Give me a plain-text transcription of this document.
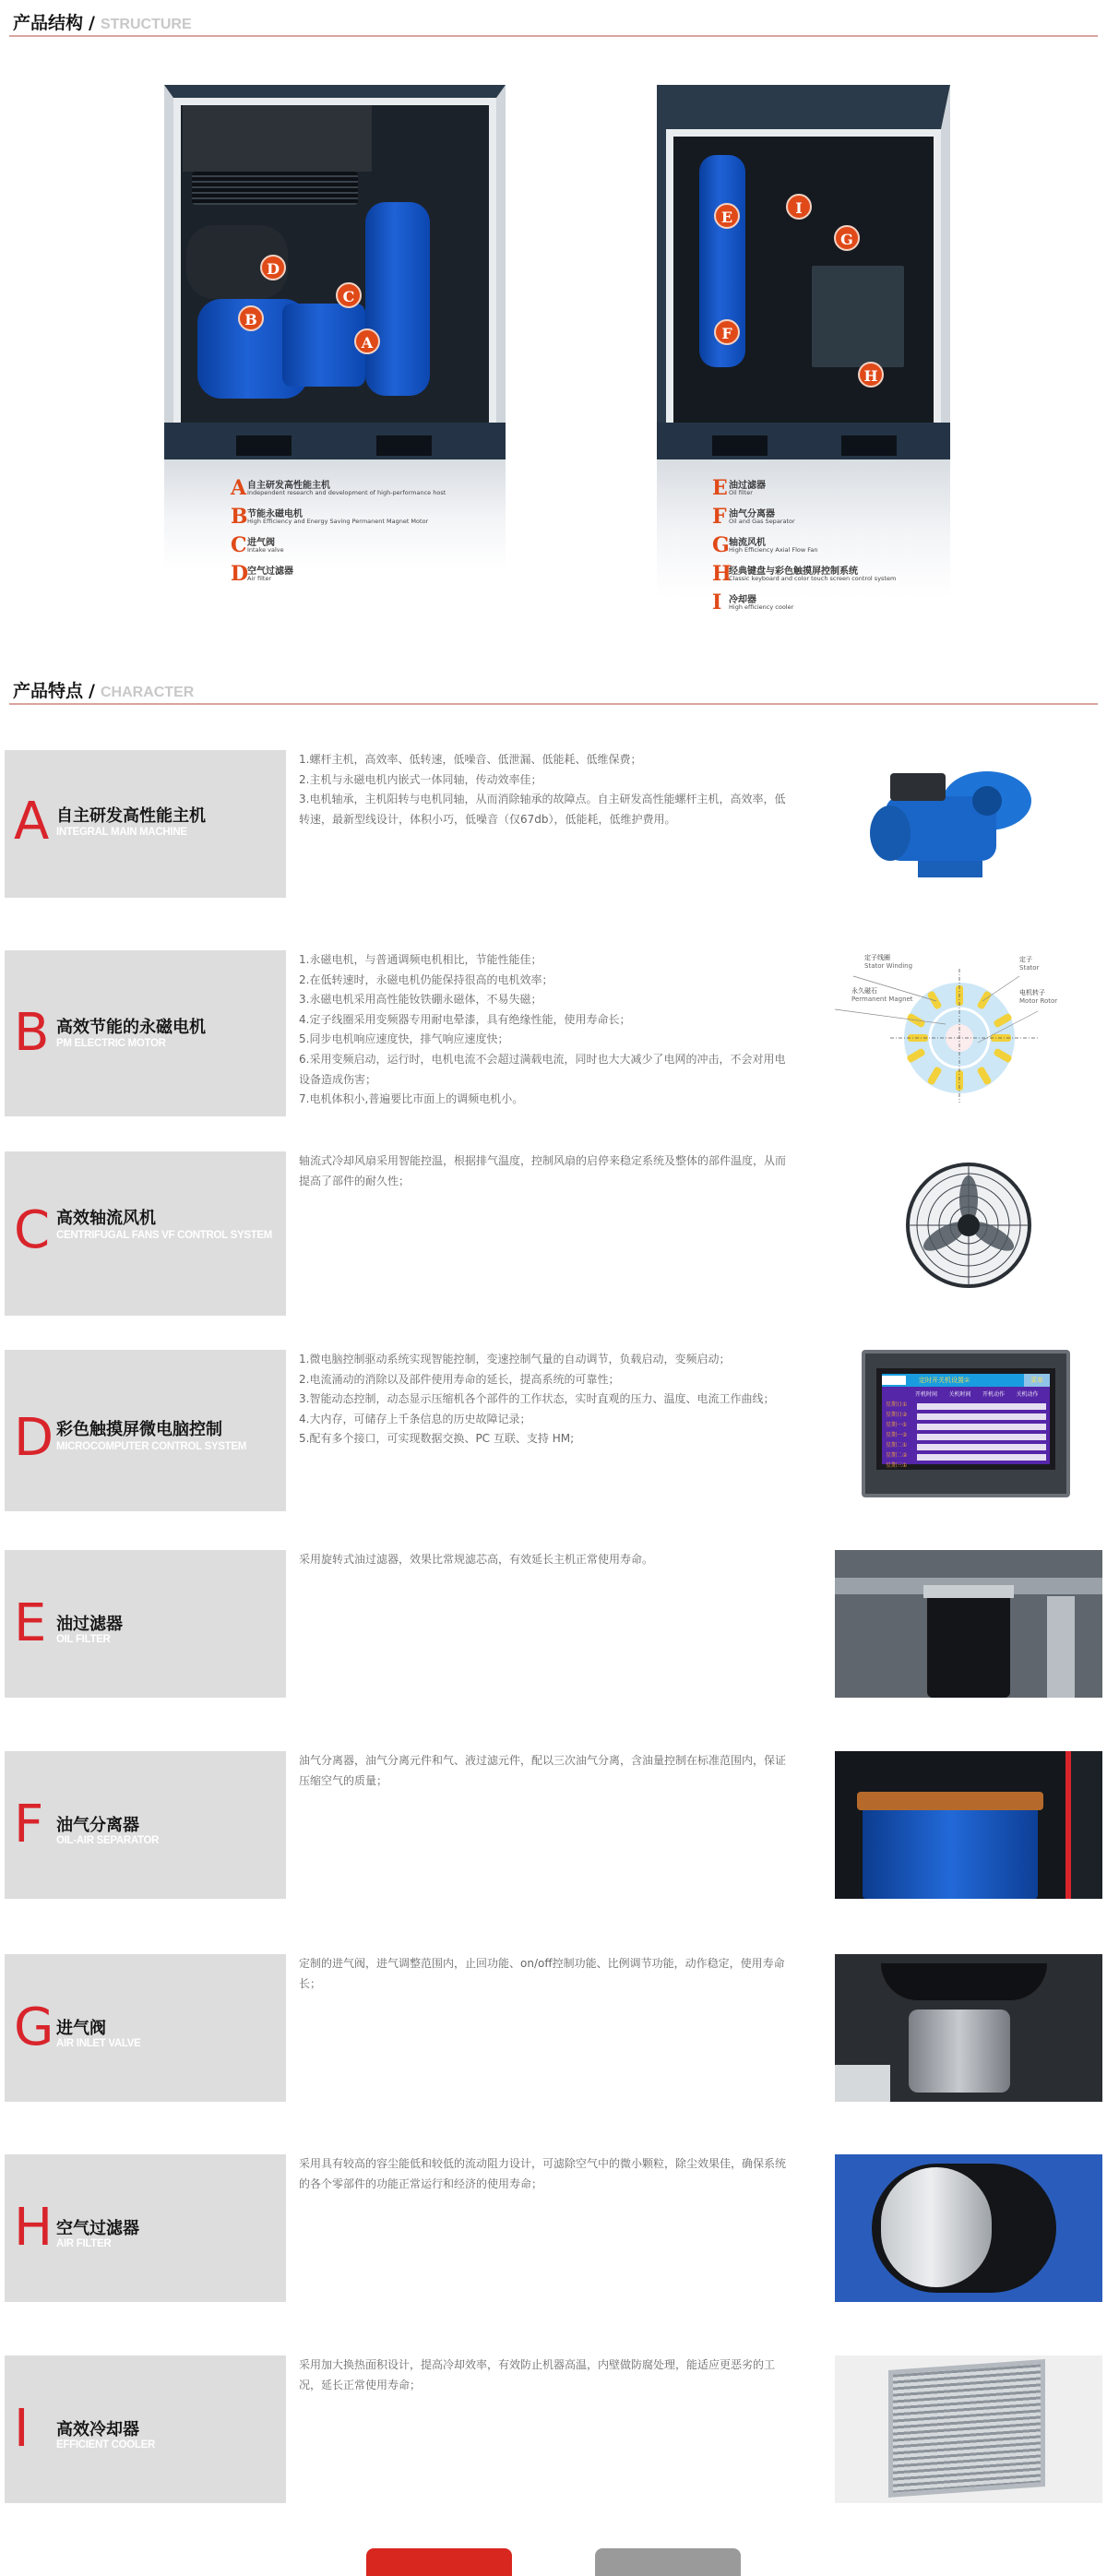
产品结构 / STRUCTURE
D
C
B
A
A 自主研发高性能主机
Independent research and development of high-performance host
B 节能永磁电机
High Efficiency and Energy Saving Permanent Magnet Motor
C 进气阀
Intake valve
D
空气过滤器
Air filter
E
I
G
F
H
E 油过滤器
Oil filter
F 油气分离器
Oil and Gas Separator
G 轴流风机
High Efficiency Axial Flow Fan
H
经典键盘与彩色触摸屏控制系统
Classic keyboard and color touch screen control system
I 冷却器
High efficiency cooler
产品特点 / CHARACTER
A 自主研发高性能主机
INTEGRAL MAIN MACHINE

1.螺杆主机，高效率、低转速，低噪音、低泄漏、低能耗、低维保费；

2.主机与永磁电机内嵌式一体同轴，传动效率佳；

3.电机轴承，主机阳转与电机同轴，从而消除轴承的故障点。自主研发高性能螺杆主机，高效率，低转速，最新型线设计，体积小巧，低噪音（仅67db），低能耗，低维护费用。

B 高效节能的永磁电机
PM ELECTRIC MOTOR

1.永磁电机，与普通调频电机相比，节能性能佳；

2.在低转速时，永磁电机仍能保持很高的电机效率；

3.永磁电机采用高性能钕铁硼永磁体，不易失磁；

4.定子线圈采用变频器专用耐电晕漆，具有绝缘性能，使用寿命长；

5.同步电机响应速度快，排气响应速度快；

6.采用变频启动，运行时，电机电流不会超过满载电流，同时也大大减少了电网的冲击，不会对用电设备造成伤害；

7.电机体积小,普遍要比市面上的调频电机小。

定子线圈
Stator Winding
定子
Stator
永久磁石
Permanent Magnet
电机转子
Motor Rotor
C 高效轴流风机
CENTRIFUGAL FANS VF CONTROL SYSTEM

轴流式冷却风扇采用智能控温，根据排气温度，控制风扇的启停来稳定系统及整体的部件温度，从而提高了部件的耐久性；

D 彩色触摸屏微电脑控制
MICROCOMPUTER CONTROL SYSTEM

1.微电脑控制驱动系统实现智能控制，变速控制气量的自动调节，负载启动，变频启动；

2.电流涌动的消除以及部件使用寿命的延长，提高系统的可靠性；

3.智能动态控制，动态显示压缩机各个部件的工作状态，实时直观的压力、温度、电流工作曲线；

4.大内存，可储存上千条信息的历史故障记录；

5.配有多个接口，可实现数据交换、PC 互联、支持 HM;

定时开关机设置①	菜单
开机时间	关机时间	开机动作	关机动作
星期日①
星期日②
星期一①
星期一②
星期二①
星期二②
星期三①
E 油过滤器
OIL FILTER

采用旋转式油过滤器，效果比常规滤芯高，有效延长主机正常使用寿命。

F 油气分离器
OIL-AIR SEPARATOR

油气分离器，油气分离元件和气、液过滤元件，配以三次油气分离，含油量控制在标准范围内，保证压缩空气的质量；

G 进气阀
AIR INLET VALVE

定制的进气阀，进气调整范围内，止回功能、on/off控制功能、比例调节功能，动作稳定，使用寿命长；

H 空气过滤器
AIR FILTER

采用具有较高的容尘能低和较低的流动阻力设计，可滤除空气中的微小颗粒，除尘效果佳，确保系统的各个零部件的功能正常运行和经济的使用寿命；

I 高效冷却器
EFFICIENT COOLER

采用加大换热面积设计，提高冷却效率，有效防止机器高温，内壁做防腐处理，能适应更恶劣的工况，延长正常使用寿命；
